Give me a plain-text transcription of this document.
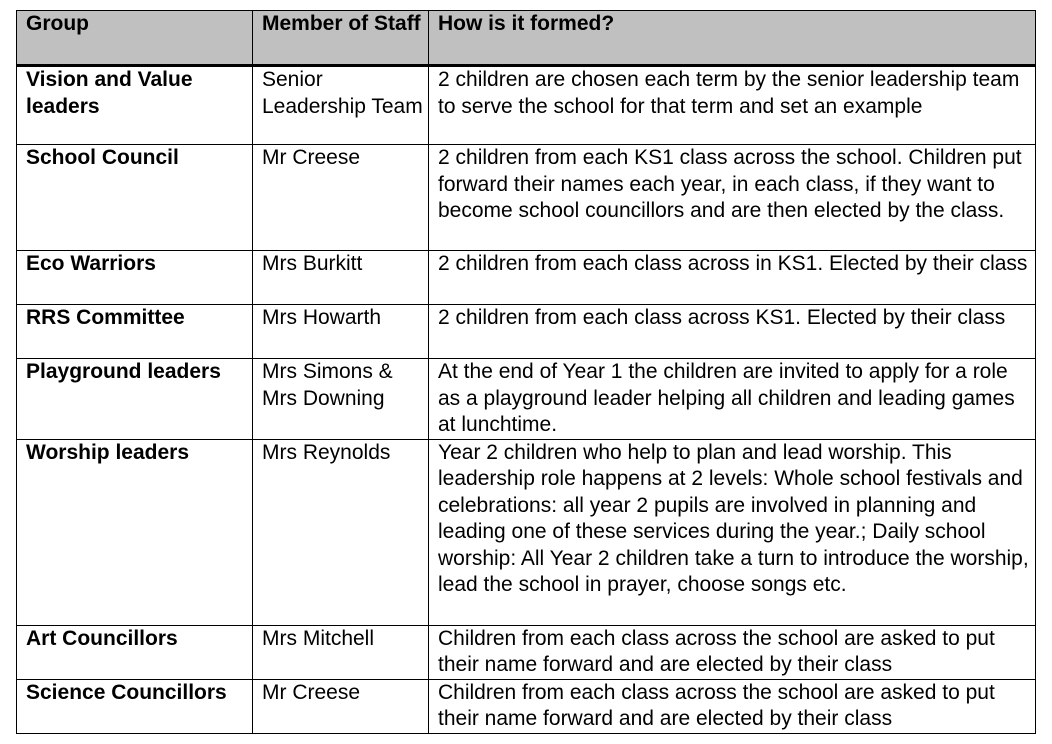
Group	Member of Staff	How is it formed?
Vision and Value leaders	Senior Leadership Team	2 children are chosen each term by the senior leadership team to serve the school for that term and set an example
School Council	Mr Creese	2 children from each KS1 class across the school. Children put forward their names each year, in each class, if they want to become school councillors and are then elected by the class.
Eco Warriors	Mrs Burkitt	2 children from each class across in KS1. Elected by their class
RRS Committee	Mrs Howarth	2 children from each class across KS1. Elected by their class
Playground leaders	Mrs Simons & Mrs Downing	At the end of Year 1 the children are invited to apply for a role as a playground leader helping all children and leading games at lunchtime.
Worship leaders	Mrs Reynolds	Year 2 children who help to plan and lead worship. This leadership role happens at 2 levels: Whole school festivals and celebrations: all year 2 pupils are involved in planning and leading one of these services during the year.; Daily school worship: All Year 2 children take a turn to introduce the worship, lead the school in prayer, choose songs etc.
Art Councillors	Mrs Mitchell	Children from each class across the school are asked to put their name forward and are elected by their class
Science Councillors	Mr Creese	Children from each class across the school are asked to put their name forward and are elected by their class
